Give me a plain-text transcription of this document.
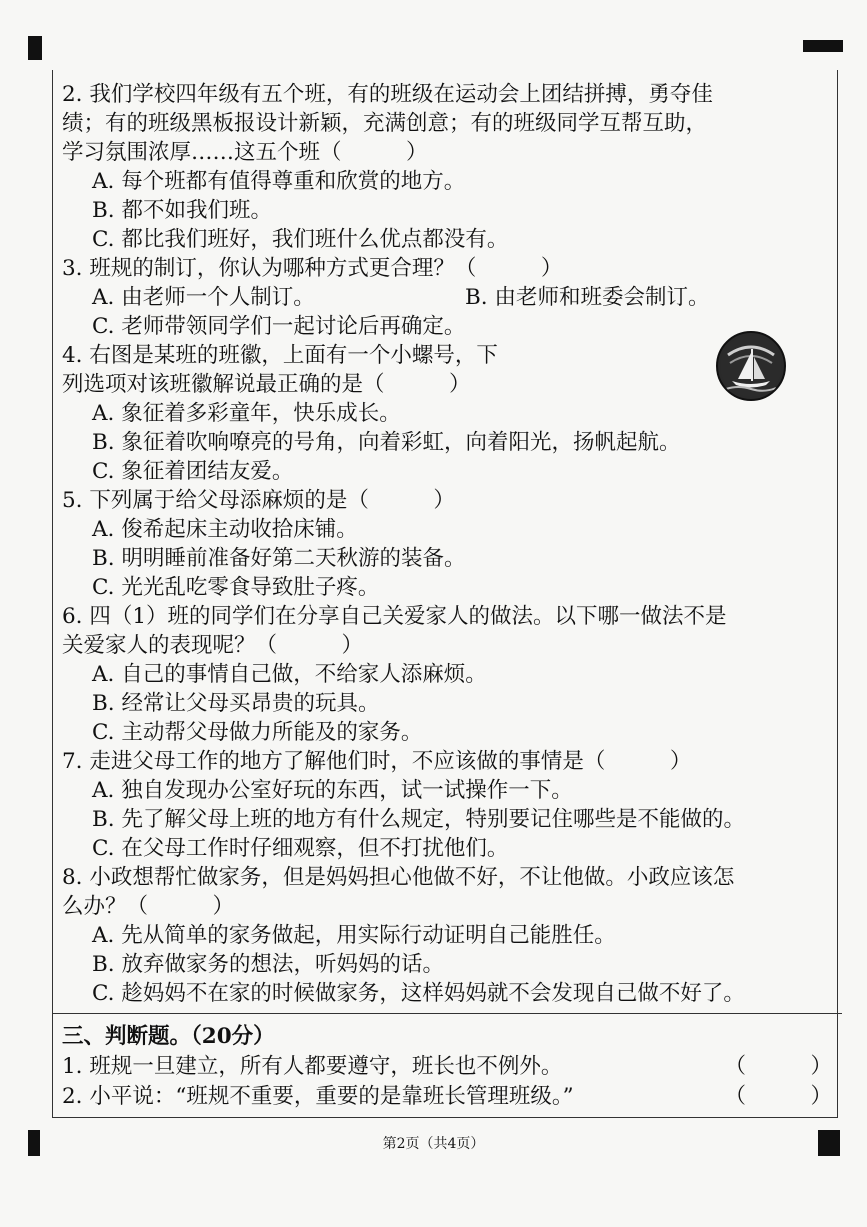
2. 我们学校四年级有五个班，有的班级在运动会上团结拼搏，勇夺佳
绩；有的班级黑板报设计新颖，充满创意；有的班级同学互帮互助，
学习氛围浓厚……这五个班（　　　）
A. 每个班都有值得尊重和欣赏的地方。
B. 都不如我们班。
C. 都比我们班好，我们班什么优点都没有。
3. 班规的制订，你认为哪种方式更合理？（　　　）
A. 由老师一个人制订。	B. 由老师和班委会制订。
C. 老师带领同学们一起讨论后再确定。
4. 右图是某班的班徽，上面有一个小螺号，下
列选项对该班徽解说最正确的是（　　　）
A. 象征着多彩童年，快乐成长。
B. 象征着吹响嘹亮的号角，向着彩虹，向着阳光，扬帆起航。
C. 象征着团结友爱。
5. 下列属于给父母添麻烦的是（　　　）
A. 俊希起床主动收拾床铺。
B. 明明睡前准备好第二天秋游的装备。
C. 光光乱吃零食导致肚子疼。
6. 四（1）班的同学们在分享自己关爱家人的做法。以下哪一做法不是
关爱家人的表现呢？（　　　）
A. 自己的事情自己做，不给家人添麻烦。
B. 经常让父母买昂贵的玩具。
C. 主动帮父母做力所能及的家务。
7. 走进父母工作的地方了解他们时，不应该做的事情是（　　　）
A. 独自发现办公室好玩的东西，试一试操作一下。
B. 先了解父母上班的地方有什么规定，特别要记住哪些是不能做的。
C. 在父母工作时仔细观察，但不打扰他们。
8. 小政想帮忙做家务，但是妈妈担心他做不好，不让他做。小政应该怎
么办？（　　　）
A. 先从简单的家务做起，用实际行动证明自己能胜任。
B. 放弃做家务的想法，听妈妈的话。
C. 趁妈妈不在家的时候做家务，这样妈妈就不会发现自己做不好了。
三、判断题。（20分）
1. 班规一旦建立，所有人都要遵守，班长也不例外。	（　　　）
2. 小平说：“班规不重要，重要的是靠班长管理班级。”	（　　　）
第2页（共4页）
